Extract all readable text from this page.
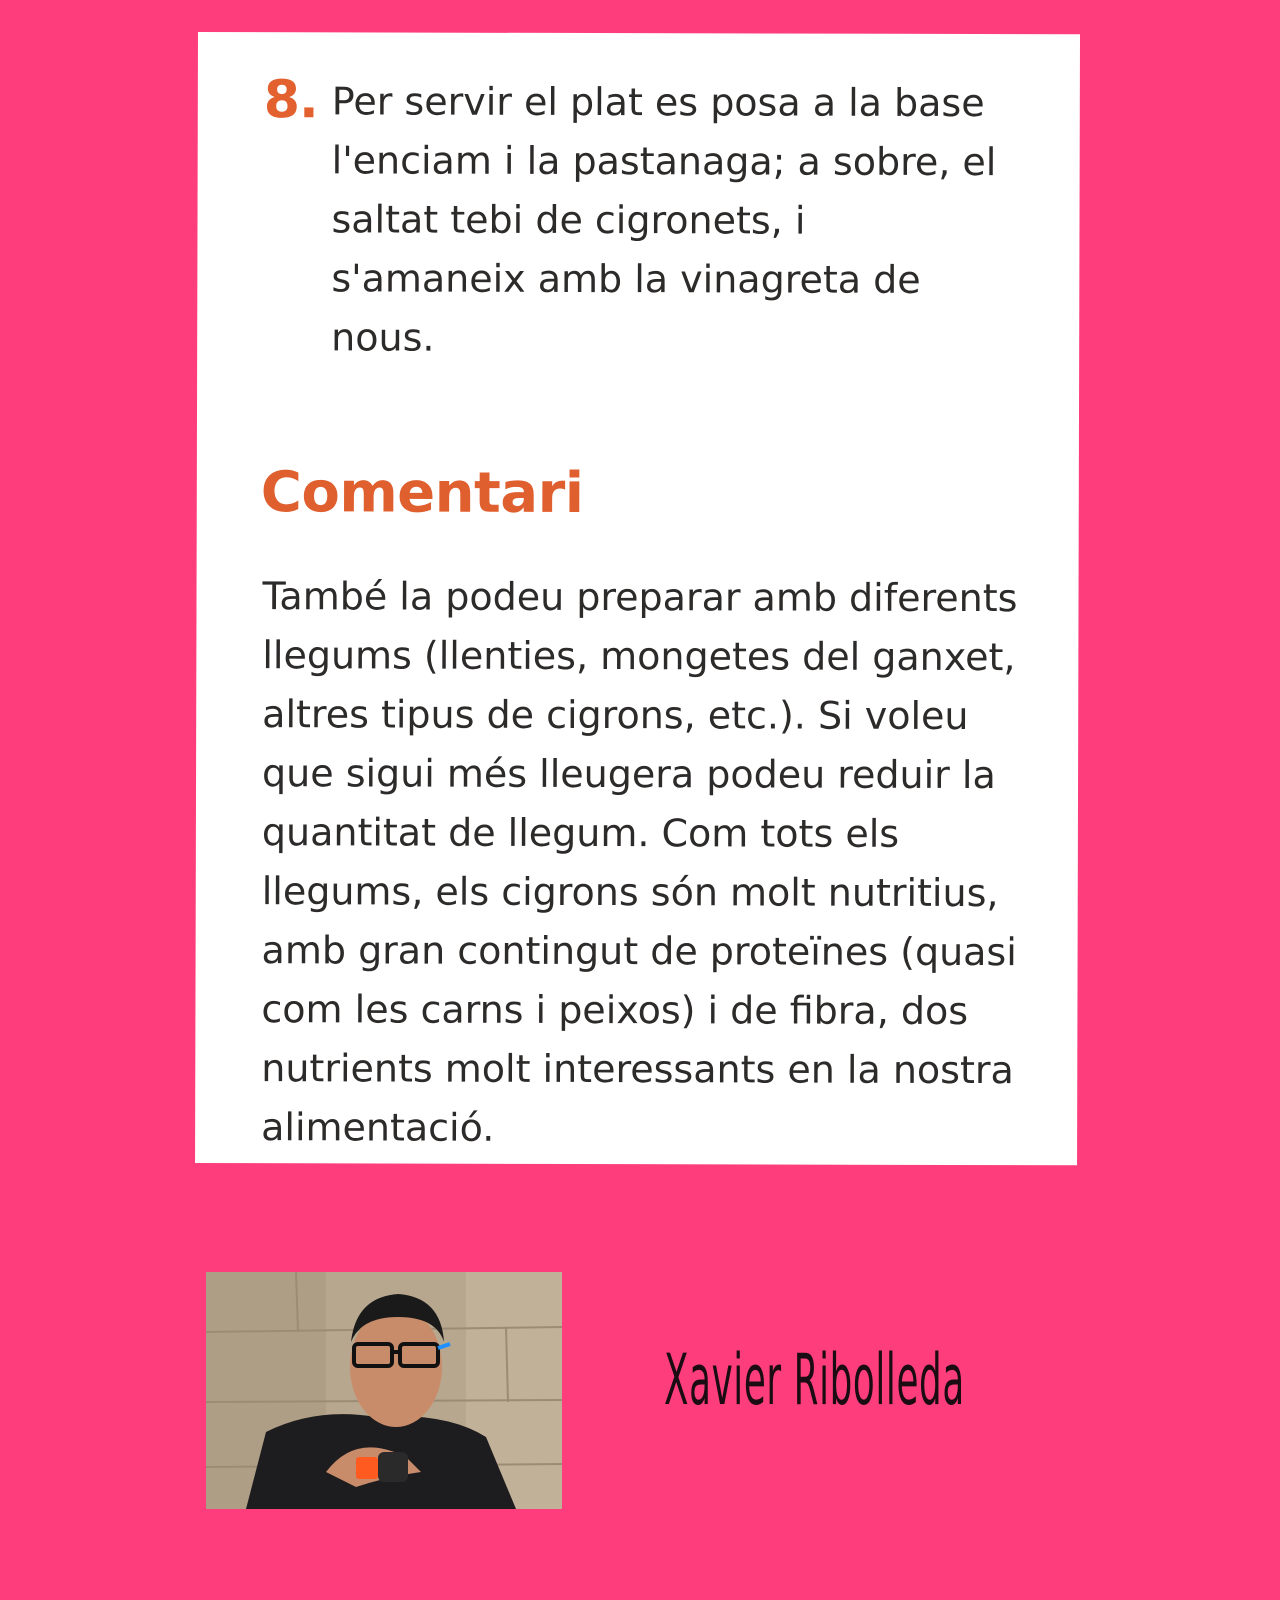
8. Per servir el plat es posa a la base l'enciam i la pastanaga; a sobre, el saltat tebi de cigronets, i s'amaneix amb la vinagreta de nous.
Comentari
També la podeu preparar amb diferents llegums (llenties, mongetes del ganxet, altres tipus de cigrons, etc.). Si voleu que sigui més lleugera podeu reduir la quantitat de llegum. Com tots els llegums, els cigrons són molt nutritius, amb gran contingut de proteïnes (quasi com les carns i peixos) i de fibra, dos nutrients molt interessants en la nostra alimentació.
Xavier Ribolleda
